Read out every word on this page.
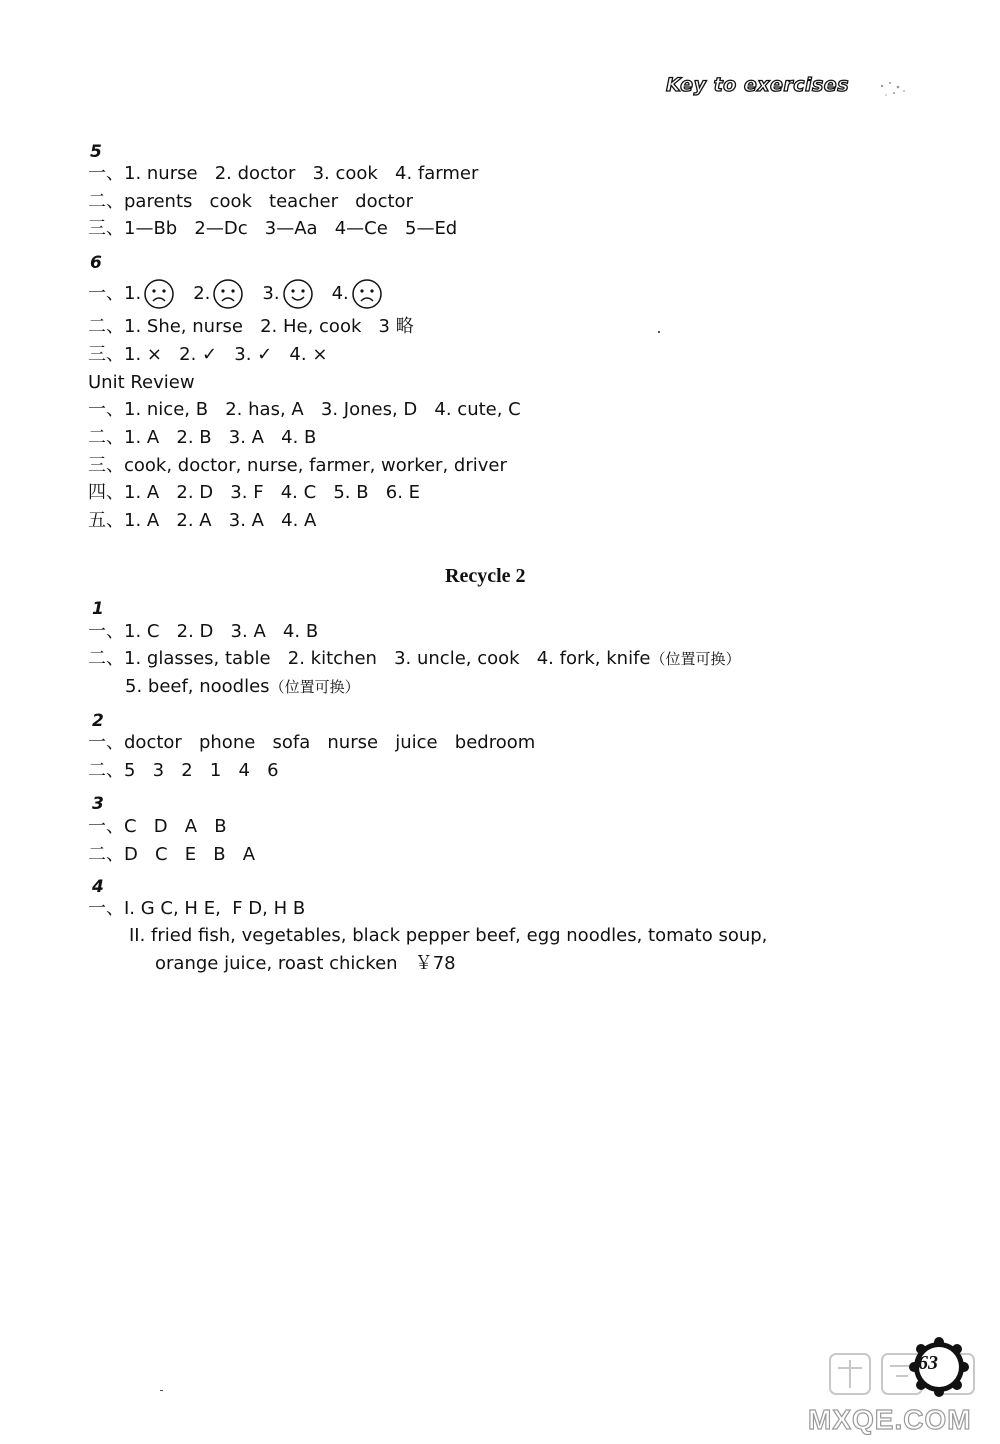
Key to exercises
5
一、1. nurse   2. doctor   3. cook   4. farmer
二、parents   cook   teacher   doctor
三、1—Bb   2—Dc   3—Aa   4—Ce   5—Ed
6
一、1.	2.	3.	4.
二、1. She, nurse   2. He, cook   3 略
三、1. ×   2. ✓   3. ✓   4. ×
Unit Review
一、1. nice, B   2. has, A   3. Jones, D   4. cute, C
二、1. A   2. B   3. A   4. B
三、cook, doctor, nurse, farmer, worker, driver
四、1. A   2. D   3. F   4. C   5. B   6. E
五、1. A   2. A   3. A   4. A
Recycle 2
1
一、1. C   2. D   3. A   4. B
二、1. glasses, table   2. kitchen   3. uncle, cook   4. fork, knife（位置可换）
5. beef, noodles（位置可换）
2
一、doctor   phone   sofa   nurse   juice   bedroom
二、5   3   2   1   4   6
3
一、C   D   A   B
二、D   C   E   B   A
4
一、I. G C, H E,  F D, H B
II. fried fish, vegetables, black pepper beef, egg noodles, tomato soup,
orange juice, roast chicken   ￥78
MXQE.COM
63
